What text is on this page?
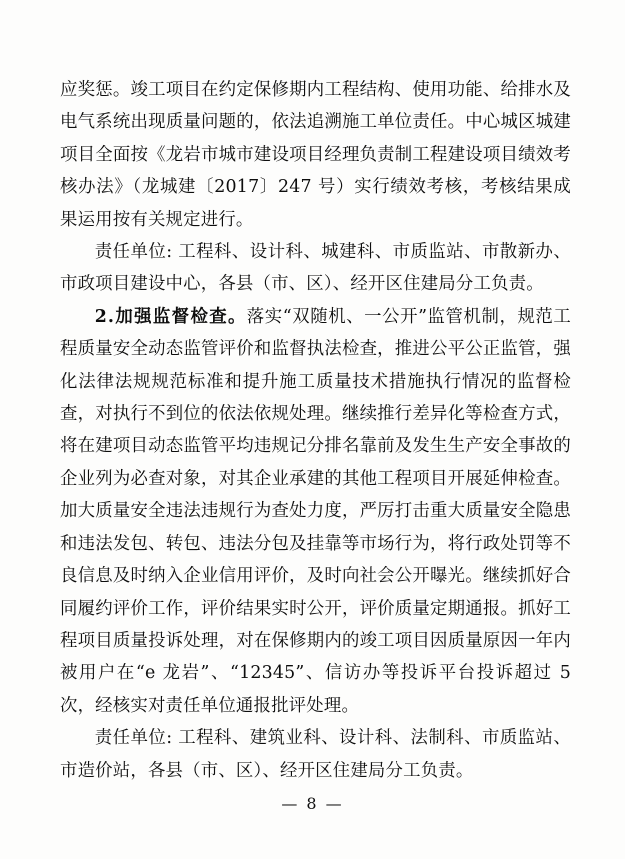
应奖惩。竣工项目在约定保修期内工程结构、使用功能、给排水及电气系统出现质量问题的，依法追溯施工单位责任。中心城区城建项目全面按《龙岩市城市建设项目经理负责制工程建设项目绩效考核办法》（龙城建〔2017〕247 号）实行绩效考核，考核结果成果运用按有关规定进行。

责任单位: 工程科、设计科、城建科、市质监站、市散新办、市政项目建设中心，各县（市、区）、经开区住建局分工负责。

2.加强监督检查。落实“双随机、一公开”监管机制，规范工程质量安全动态监管评价和监督执法检查，推进公平公正监管，强化法律法规规范标准和提升施工质量技术措施执行情况的监督检查，对执行不到位的依法依规处理。继续推行差异化等检查方式，将在建项目动态监管平均违规记分排名靠前及发生生产安全事故的企业列为必查对象，对其企业承建的其他工程项目开展延伸检查。加大质量安全违法违规行为查处力度，严厉打击重大质量安全隐患和违法发包、转包、违法分包及挂靠等市场行为，将行政处罚等不良信息及时纳入企业信用评价，及时向社会公开曝光。继续抓好合同履约评价工作，评价结果实时公开，评价质量定期通报。抓好工程项目质量投诉处理，对在保修期内的竣工项目因质量原因一年内被用户在“e 龙岩”、“12345”、信访办等投诉平台投诉超过 5 次，经核实对责任单位通报批评处理。

责任单位: 工程科、建筑业科、设计科、法制科、市质监站、市造价站，各县（市、区）、经开区住建局分工负责。

— 8 —
